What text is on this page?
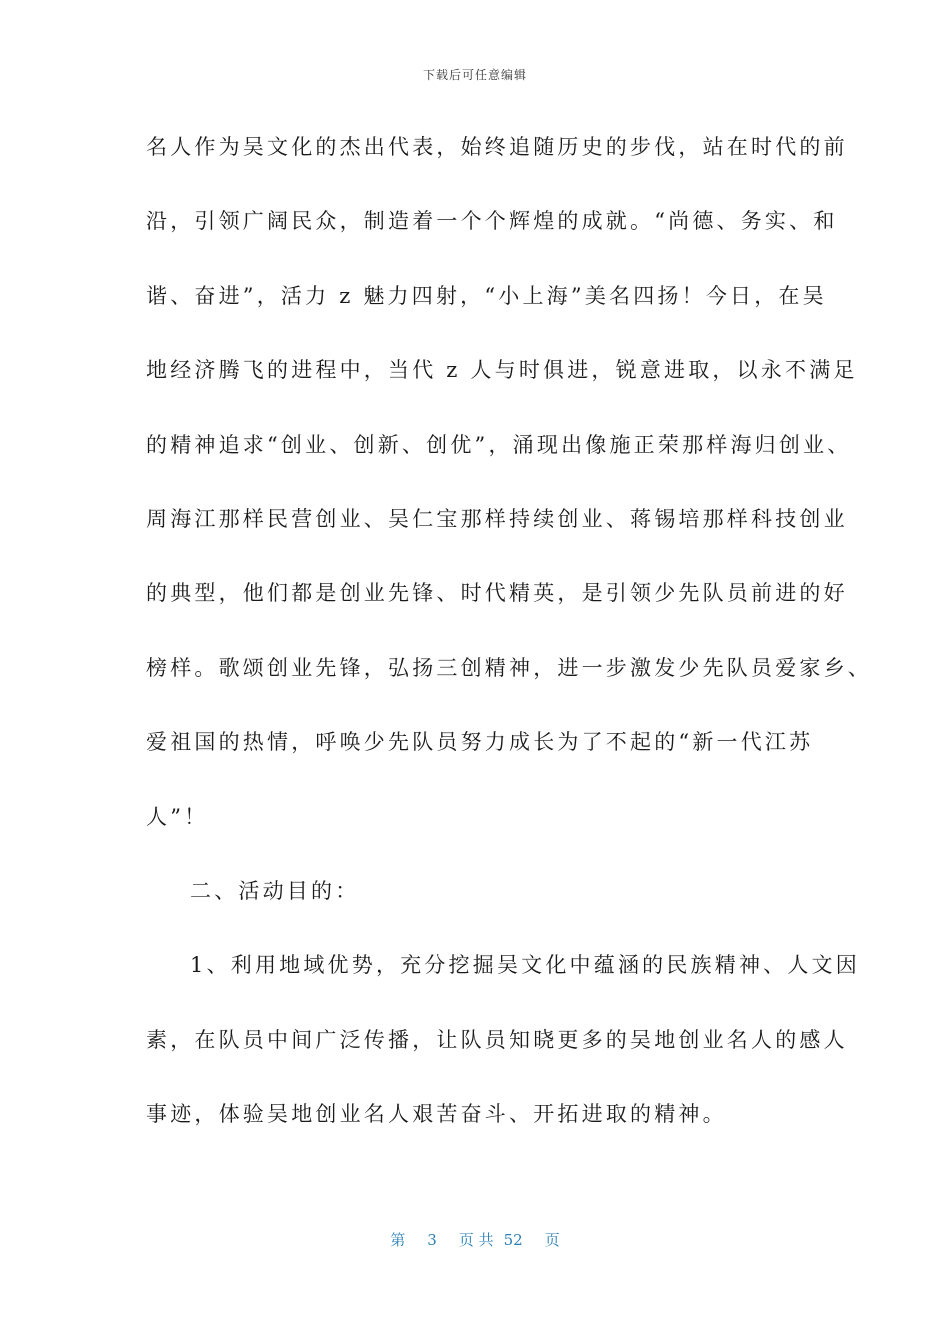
下载后可任意编辑
名人作为吴文化的杰出代表，始终追随历史的步伐，站在时代的前
沿，引领广阔民众，制造着一个个辉煌的成就。“尚德、务实、和
谐、奋进”，活力 z 魅力四射，“小上海”美名四扬！今日，在吴
地经济腾飞的进程中，当代 z 人与时俱进，锐意进取，以永不满足
的精神追求“创业、创新、创优”，涌现出像施正荣那样海归创业、
周海江那样民营创业、吴仁宝那样持续创业、蒋锡培那样科技创业
的典型，他们都是创业先锋、时代精英，是引领少先队员前进的好
榜样。歌颂创业先锋，弘扬三创精神，进一步激发少先队员爱家乡、
爱祖国的热情，呼唤少先队员努力成长为了不起的“新一代江苏
人”！
二、活动目的：
1、利用地域优势，充分挖掘吴文化中蕴涵的民族精神、人文因
素，在队员中间广泛传播，让队员知晓更多的吴地创业名人的感人
事迹，体验吴地创业名人艰苦奋斗、开拓进取的精神。
第 3 页 共 52 页
